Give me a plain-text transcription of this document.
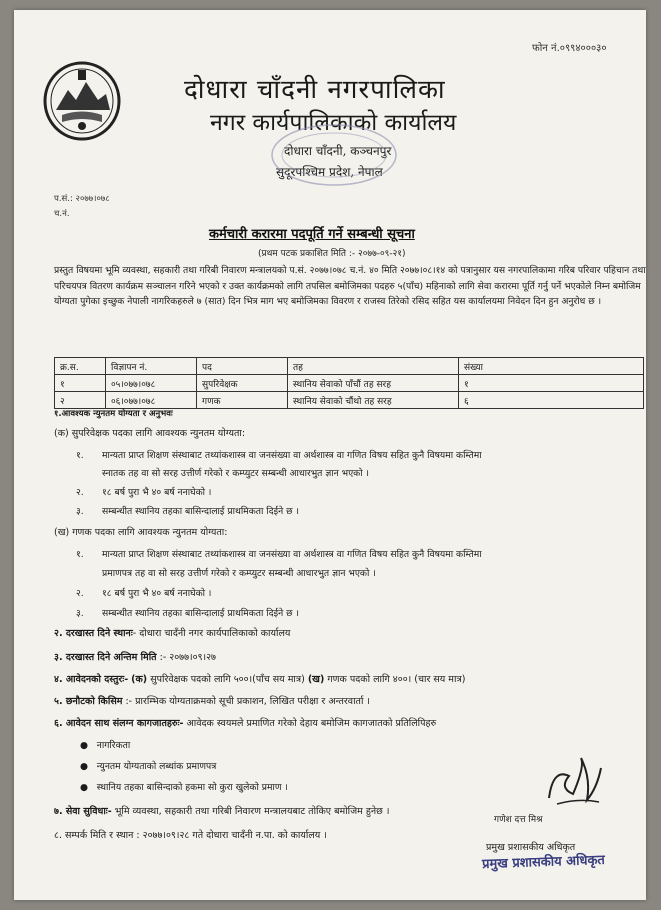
फोन नं.०९९४०००३०
दोधारा चाँदनी नगरपालिका
नगर कार्यपालिकाको कार्यालय
दोधारा चाँदनी, कञ्चनपुर
सुदूरपश्चिम प्रदेश, नेपाल
प.सं.: २०७७।०७८
च.नं.
कर्मचारी करारमा पदपूर्ति गर्ने सम्बन्धी सूचना
(प्रथम पटक प्रकाशित मिति :- २०७७-०९-२१)
प्रस्तुत विषयमा भूमि व्यवस्था, सहकारी तथा गरिबी निवारण मन्त्रालयको प.सं. २०७७।०७८ च.नं. ४० मिति २०७७।०८।१४ को पत्रानुसार यस नगरपालिकामा गरिब परिवार पहिचान तथा परिचयपत्र वितरण कार्यक्रम सञ्चालन गरिने भएको र उक्त कार्यक्रमको लागि तपसिल बमोजिमका पदहरु ५(पाँच) महिनाको लागि सेवा करारमा पूर्ति गर्नु पर्ने भएकोले निम्न बमोजिम योग्यता पुगेका इच्छुक नेपाली नागरिकहरुले ७ (सात) दिन भित्र माग भए बमोजिमका विवरण र राजस्व तिरेको रसिद सहित यस कार्यालयमा निवेदन दिन हुन अनुरोध छ ।
क्र.स.	विज्ञापन नं.	पद	तह	संख्या
१	०५।०७७।०७८	सुपरिवेक्षक	स्थानिय सेवाको पाँचौं तह सरह	१
२	०६।०७७।०७८	गणक	स्थानिय सेवाको चौंथो तह सरह	६
१.आवश्यक न्युनतम योग्यता र अनुभवः
(क) सुपरिवेक्षक पदका लागि आवश्यक न्युनतम योग्यता:
१. मान्यता प्राप्त शिक्षण संस्थाबाट तथ्यांकशास्त्र वा जनसंख्या वा अर्थशास्त्र वा गणित विषय सहित कुनै विषयमा कम्तिमा
स्नातक तह वा सो सरह उत्तीर्ण गरेको र कम्प्युटर सम्बन्धी आधारभुत ज्ञान भएको ।
२. १८ बर्ष पुरा भै ४० बर्ष ननाघेको ।
३. सम्बन्धीत स्थानिय तहका बासिन्दालाई प्राथमिकता दिईने छ ।
(ख) गणक पदका लागि आवश्यक न्युनतम योग्यता:
१. मान्यता प्राप्त शिक्षण संस्थाबाट तथ्यांकशास्त्र वा जनसंख्या वा अर्थशास्त्र वा गणित विषय सहित कुनै विषयमा कम्तिमा
प्रमाणपत्र तह वा सो सरह उत्तीर्ण गरेको र कम्प्युटर सम्बन्धी आधारभुत ज्ञान भएको ।
२. १८ बर्ष पुरा भै ४० बर्ष ननाघेको ।
३. सम्बन्धीत स्थानिय तहका बासिन्दालाई प्राथमिकता दिईने छ ।
२. दरखास्त दिने स्थानः- दोधारा चादँनी नगर कार्यपालिकाको कार्यालय
३. दरखास्त दिने अन्तिम मिति :- २०७७।०९।२७
४. आवेदनको दस्तुरः- (क) सुपरिवेक्षक पदको लागि ५००।(पाँच सय मात्र) (ख) गणक पदको लागि ४००। (चार सय मात्र)
५. छनौटको किसिम :- प्रारम्भिक योग्यताक्रमको सूची प्रकाशन, लिखित परीक्षा र अन्तरवार्ता ।
६. आवेदन साथ संलग्न कागजातहरुः- आवेदक स्वयमले प्रमाणित गरेको देहाय बमोजिम कागजातको प्रतिलिपिहरु
●   नागरिकता
●   न्युनतम योग्यताको लब्धांक प्रमाणपत्र
●   स्थानिय तहका बासिन्दाको हकमा सो कुरा खुलेको प्रमाण ।
७. सेवा सुविधाः- भूमि व्यवस्था, सहकारी तथा गरिबी निवारण मन्त्रालयबाट तोकिए बमोजिम हुनेछ ।
८. सम्पर्क मिति र स्थान : २०७७।०९।२८ गते दोधारा चादँनी न.पा. को कार्यालय ।
गणेश दत्त मिश्र
प्रमुख प्रशासकीय अधिकृत
प्रमुख प्रशासकीय अधिकृत
